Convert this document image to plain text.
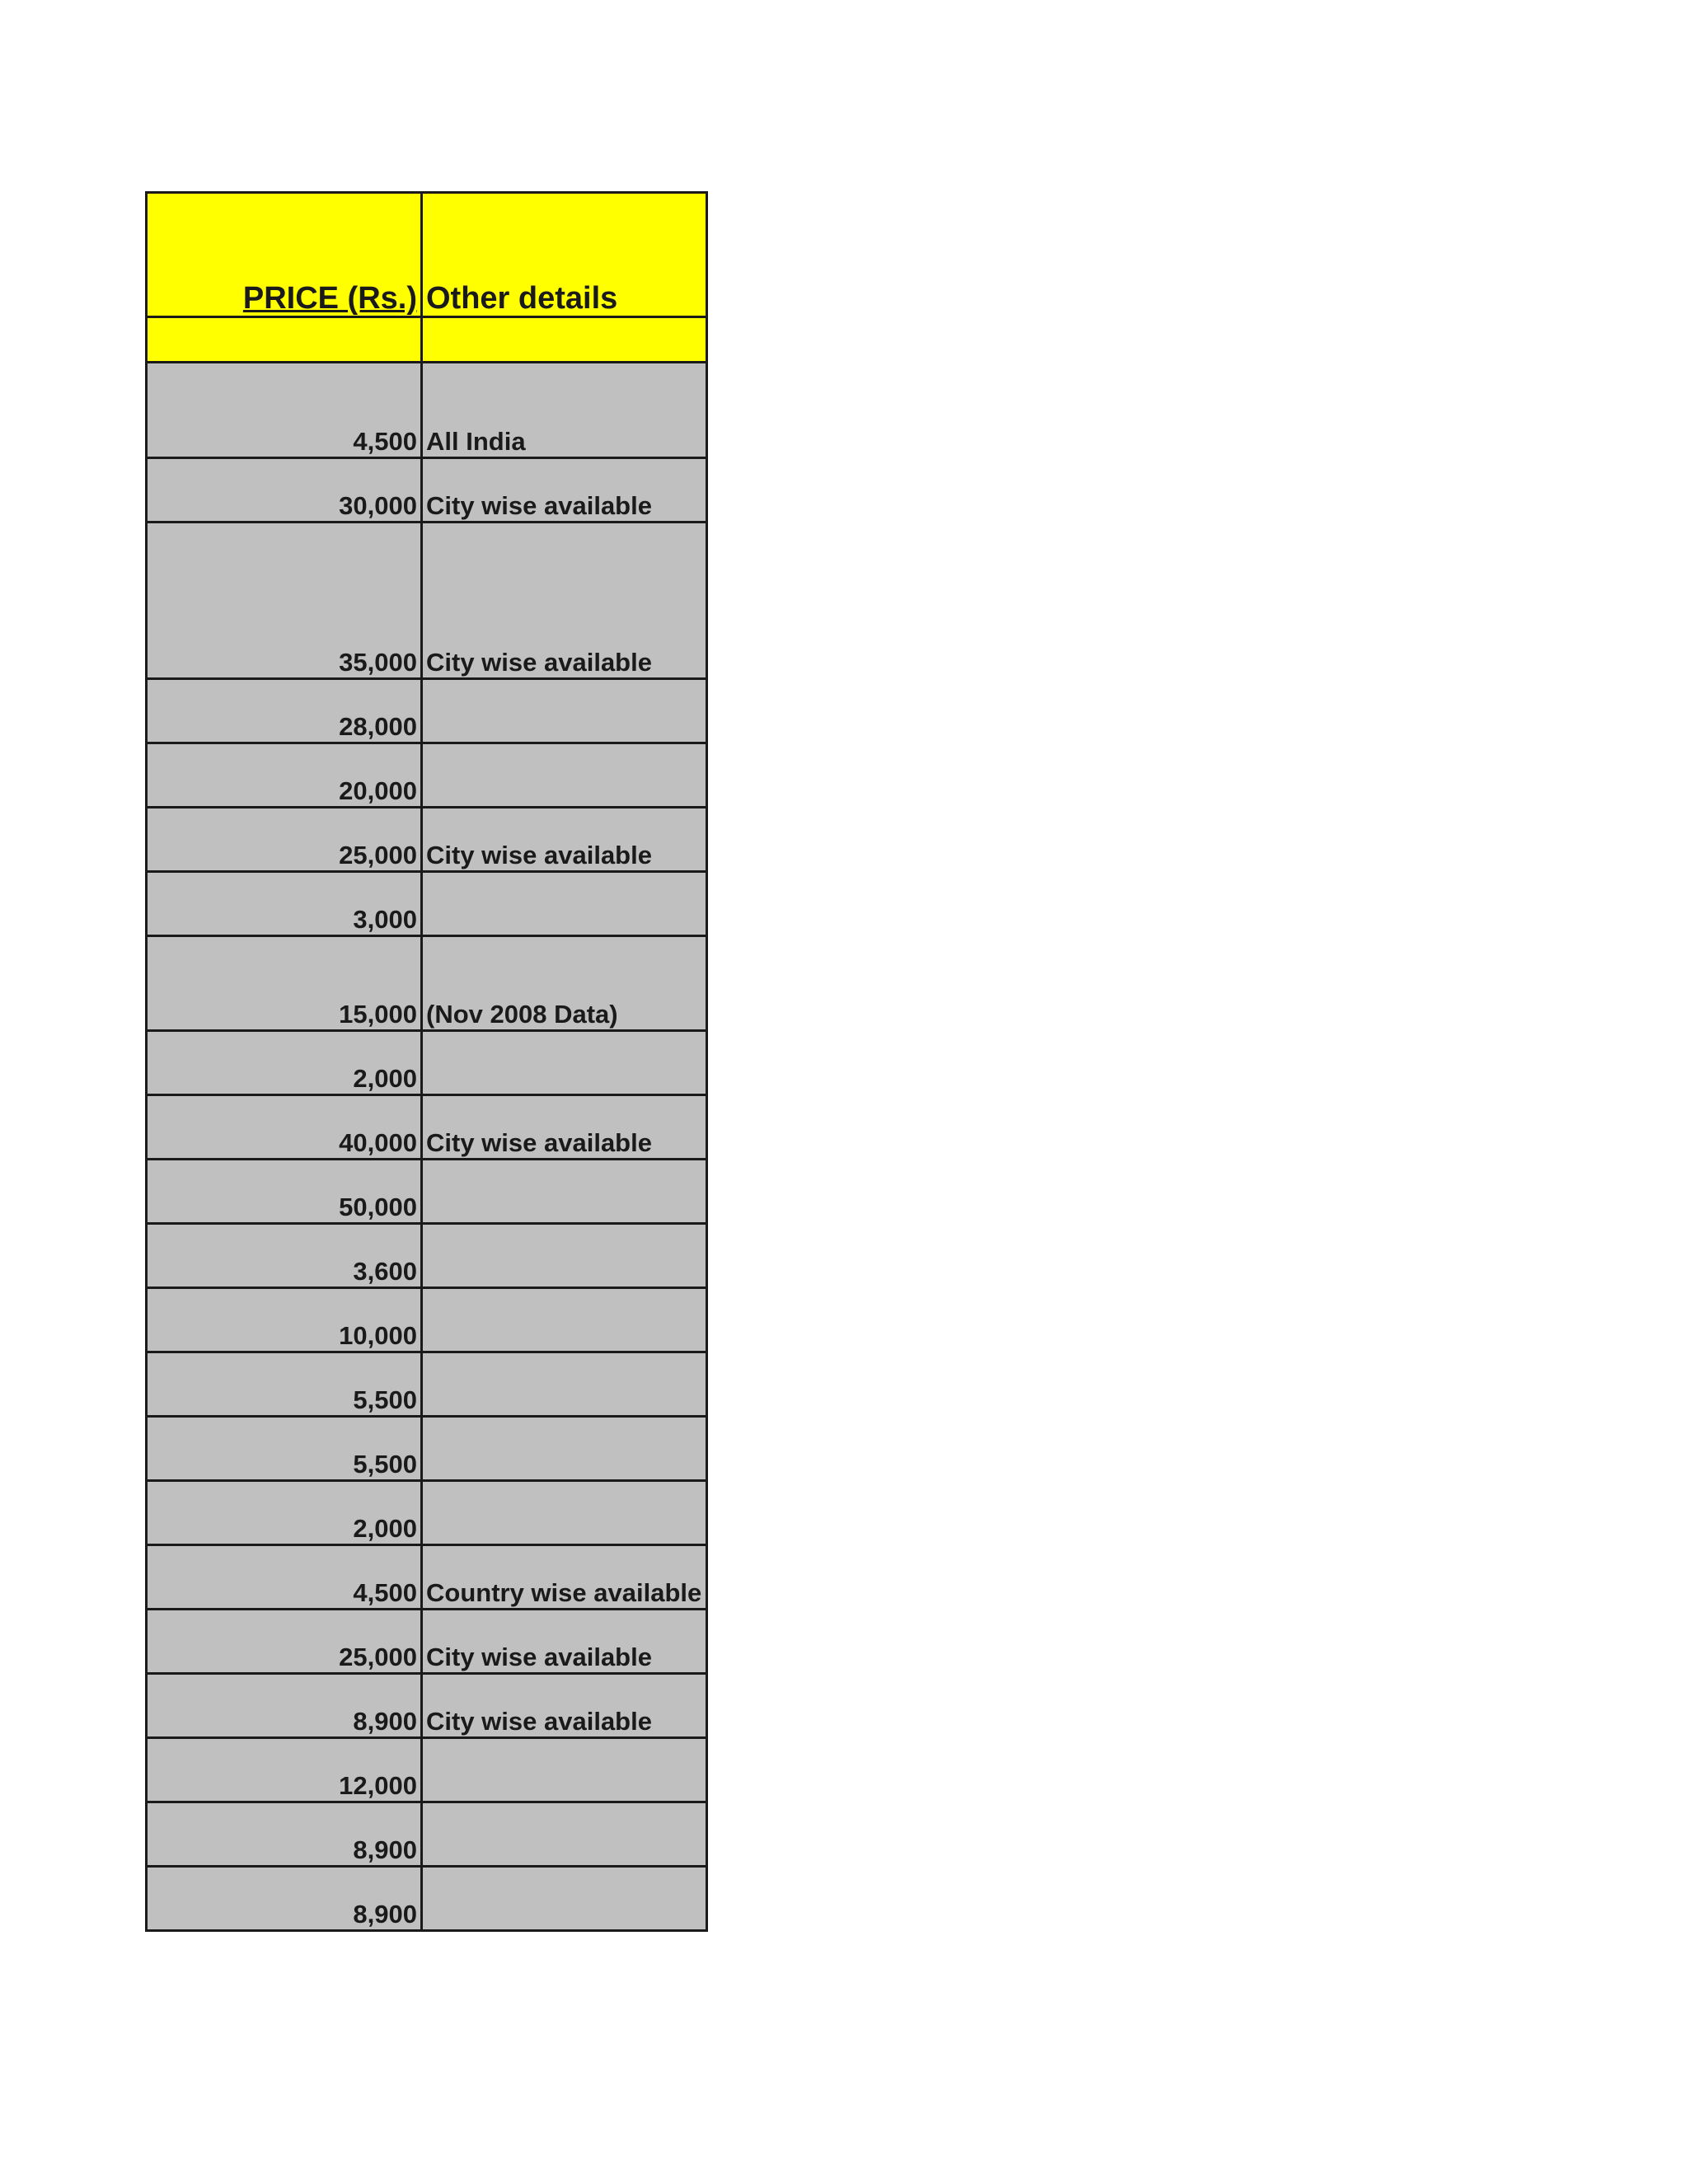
PRICE (Rs.)	Other details

4,500	All India
30,000	City wise available
35,000	City wise available
28,000	
20,000	
25,000	City wise available
3,000	
15,000	(Nov 2008 Data)
2,000	
40,000	City wise available
50,000	
3,600	
10,000	
5,500	
5,500	
2,000	
4,500	Country wise available
25,000	City wise available
8,900	City wise available
12,000	
8,900	
8,900	
